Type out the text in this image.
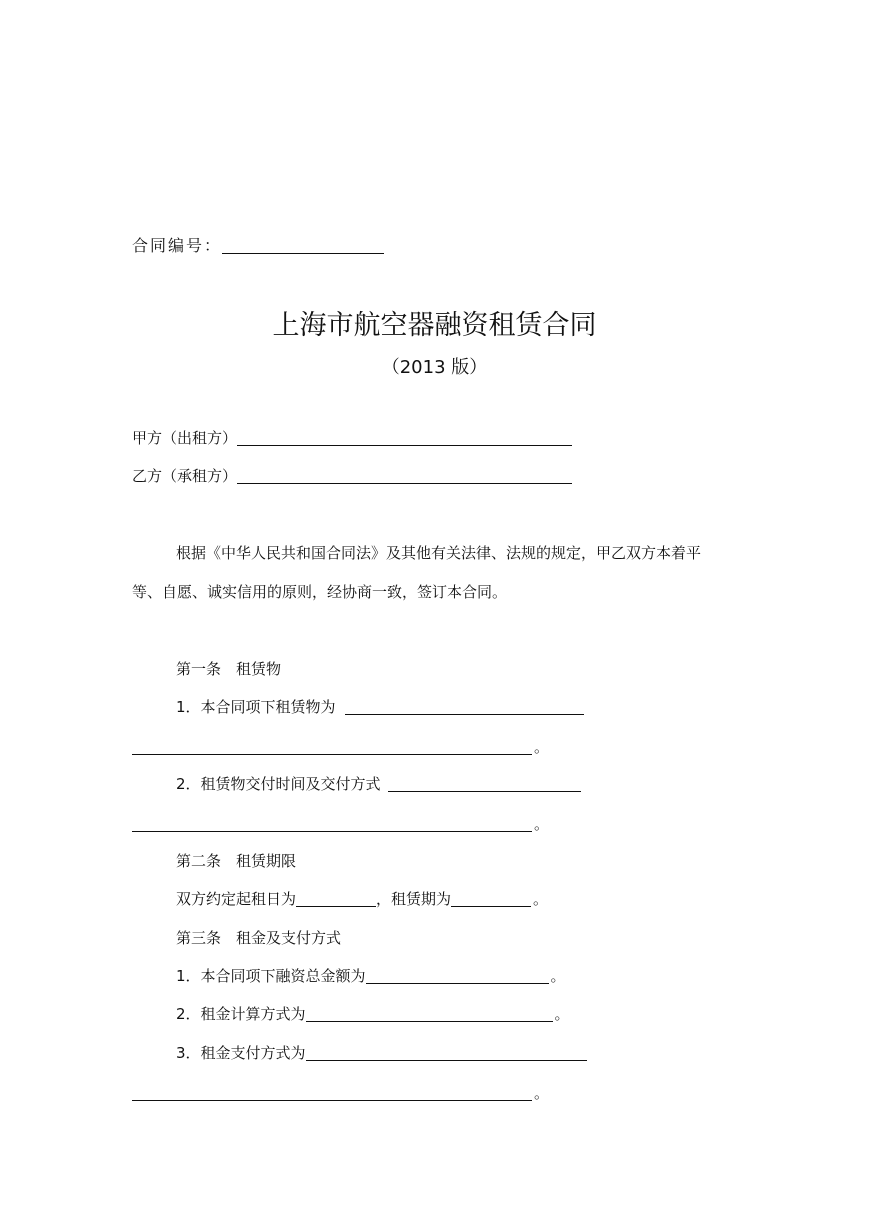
合同编号：
上海市航空器融资租赁合同
（2013 版）
甲方（出租方）
乙方（承租方）
根据《中华人民共和国合同法》及其他有关法律、法规的规定，甲乙双方本着平
等、自愿、诚实信用的原则，经协商一致，签订本合同。
第一条　租赁物
1．本合同项下租赁物为
。
2．租赁物交付时间及交付方式
。
第二条　租赁期限
双方约定起租日为	，租赁期为	。
第三条　租金及支付方式
1．本合同项下融资总金额为	。
2．租金计算方式为	。
3．租金支付方式为
。
